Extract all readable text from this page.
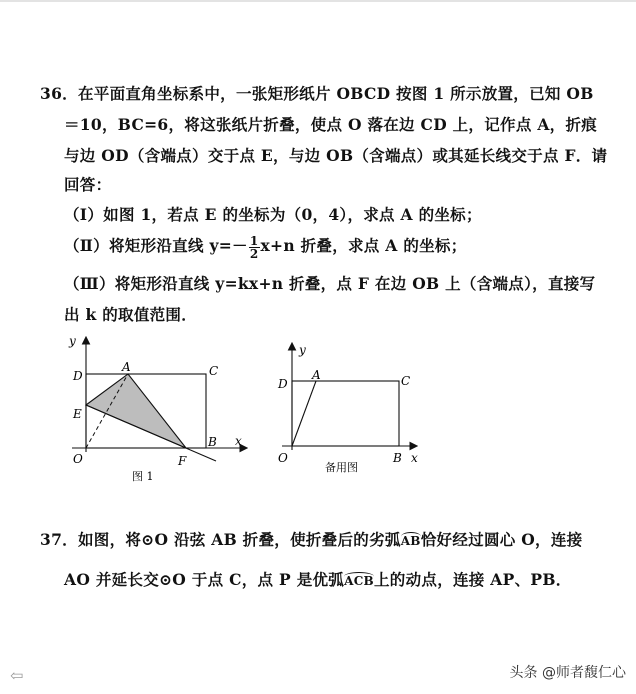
36．在平面直角坐标系中，一张矩形纸片 OBCD 按图 1 所示放置，已知 OB
＝10，BC=6，将这张纸片折叠，使点 O 落在边 CD 上，记作点 A，折痕
与边 OD（含端点）交于点 E，与边 OB（含端点）或其延长线交于点 F．请
回答：
（Ⅰ）如图 1，若点 E 的坐标为（0，4），求点 A 的坐标；
（Ⅱ）将矩形沿直线 $y=- \frac{1}{2} x+n$ 折叠，求点 A 的坐标；
（Ⅲ）将矩形沿直线 y=kx+n 折叠，点 F 在边 OB 上（含端点），直接写
出 k 的取值范围．
y
x
D
A	C
E
O	F
B
图 1
y
x
D
A	C
O	B
备用图
37．如图，将⊙O 沿弦 AB 折叠，使折叠后的劣弧AB恰好经过圆心 O，连接
AO 并延长交⊙O 于点 C，点 P 是优弧ACB上的动点，连接 AP、PB．
⇦	头条 @师者馥仁心
